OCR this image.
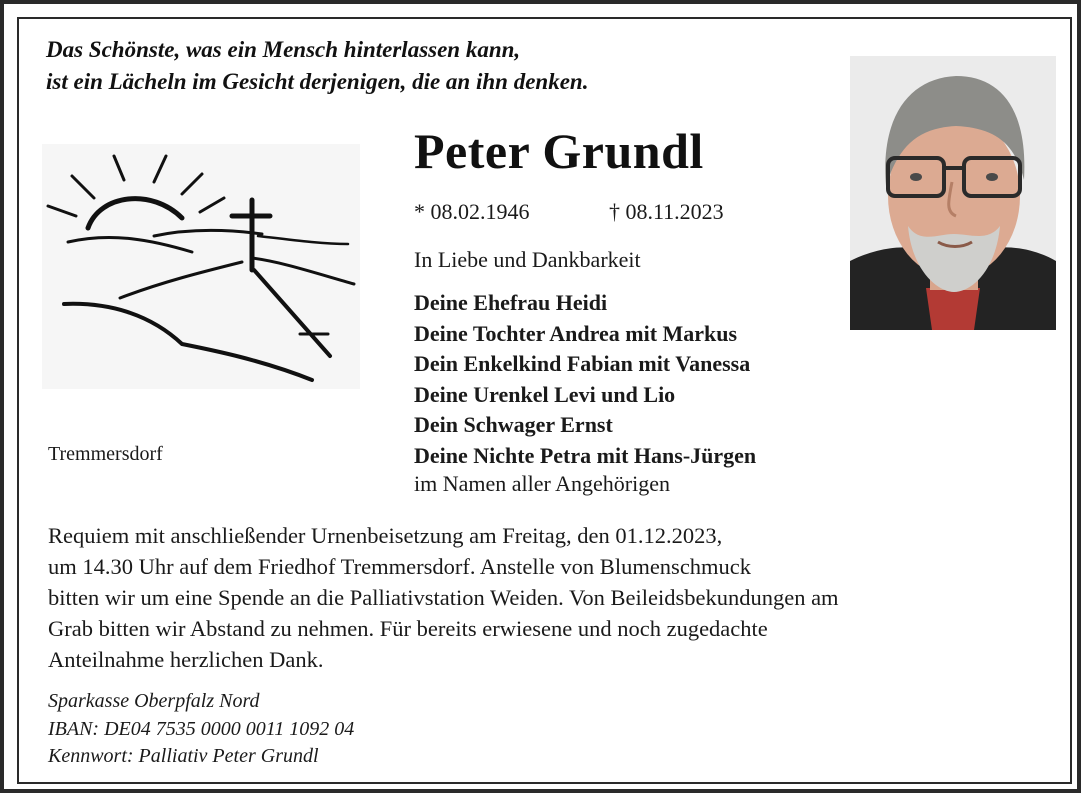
Das Schönste, was ein Mensch hinterlassen kann,
ist ein Lächeln im Gesicht derjenigen, die an ihn denken.
Tremmersdorf
Peter Grundl
* 08.02.1946	† 08.11.2023
In Liebe und Dankbarkeit
Deine Ehefrau Heidi
Deine Tochter Andrea mit Markus
Dein Enkelkind Fabian mit Vanessa
Deine Urenkel Levi und Lio
Dein Schwager Ernst
Deine Nichte Petra mit Hans-Jürgen
im Namen aller Angehörigen
Requiem mit anschließender Urnenbeisetzung am Freitag, den 01.12.2023,
um 14.30 Uhr auf dem Friedhof Tremmersdorf. Anstelle von Blumenschmuck
bitten wir um eine Spende an die Palliativstation Weiden. Von Beileidsbekundungen am
Grab bitten wir Abstand zu nehmen. Für bereits erwiesene und noch zugedachte
Anteilnahme herzlichen Dank.
Sparkasse Oberpfalz Nord
IBAN: DE04 7535 0000 0011 1092 04
Kennwort: Palliativ Peter Grundl
